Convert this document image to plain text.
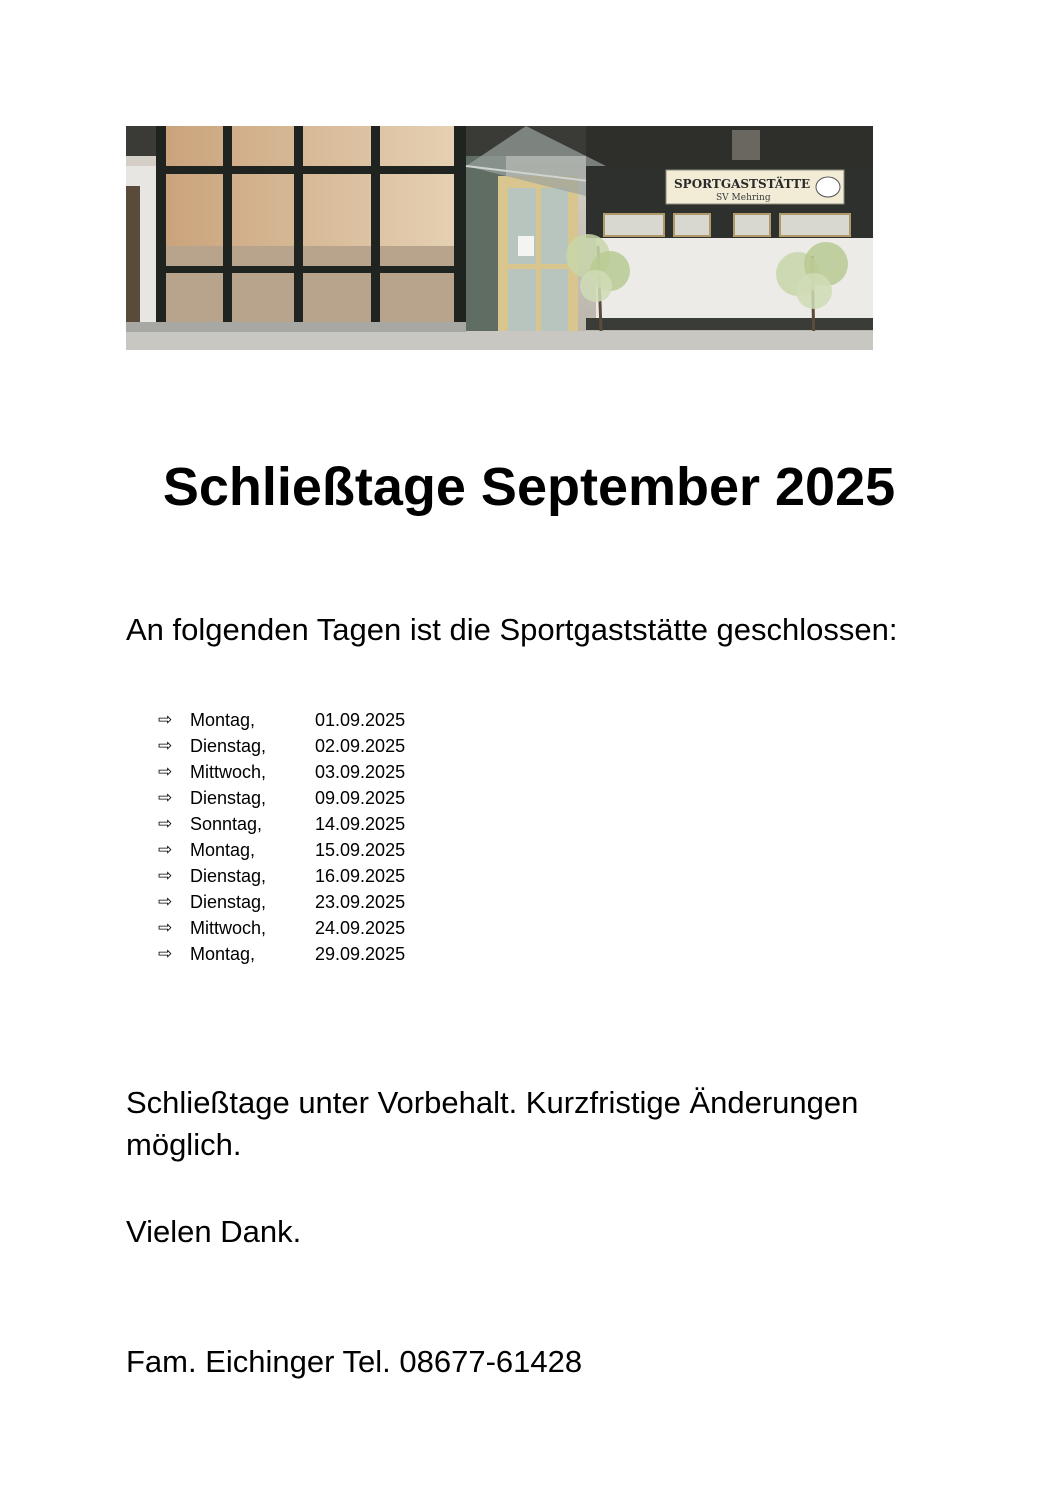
SPORTGASTSTÄTTE
SV Mehring
Schließtage September 2025
An folgenden Tagen ist die Sportgaststätte geschlossen:
⇨ Montag,	01.09.2025
⇨ Dienstag,	02.09.2025
⇨ Mittwoch,	03.09.2025
⇨ Dienstag,	09.09.2025
⇨ Sonntag,	14.09.2025
⇨ Montag,	15.09.2025
⇨ Dienstag,	16.09.2025
⇨ Dienstag,	23.09.2025
⇨ Mittwoch,	24.09.2025
⇨ Montag,	29.09.2025
Schließtage unter Vorbehalt. Kurzfristige Änderungen möglich.
Vielen Dank.
Fam. Eichinger Tel. 08677-61428
